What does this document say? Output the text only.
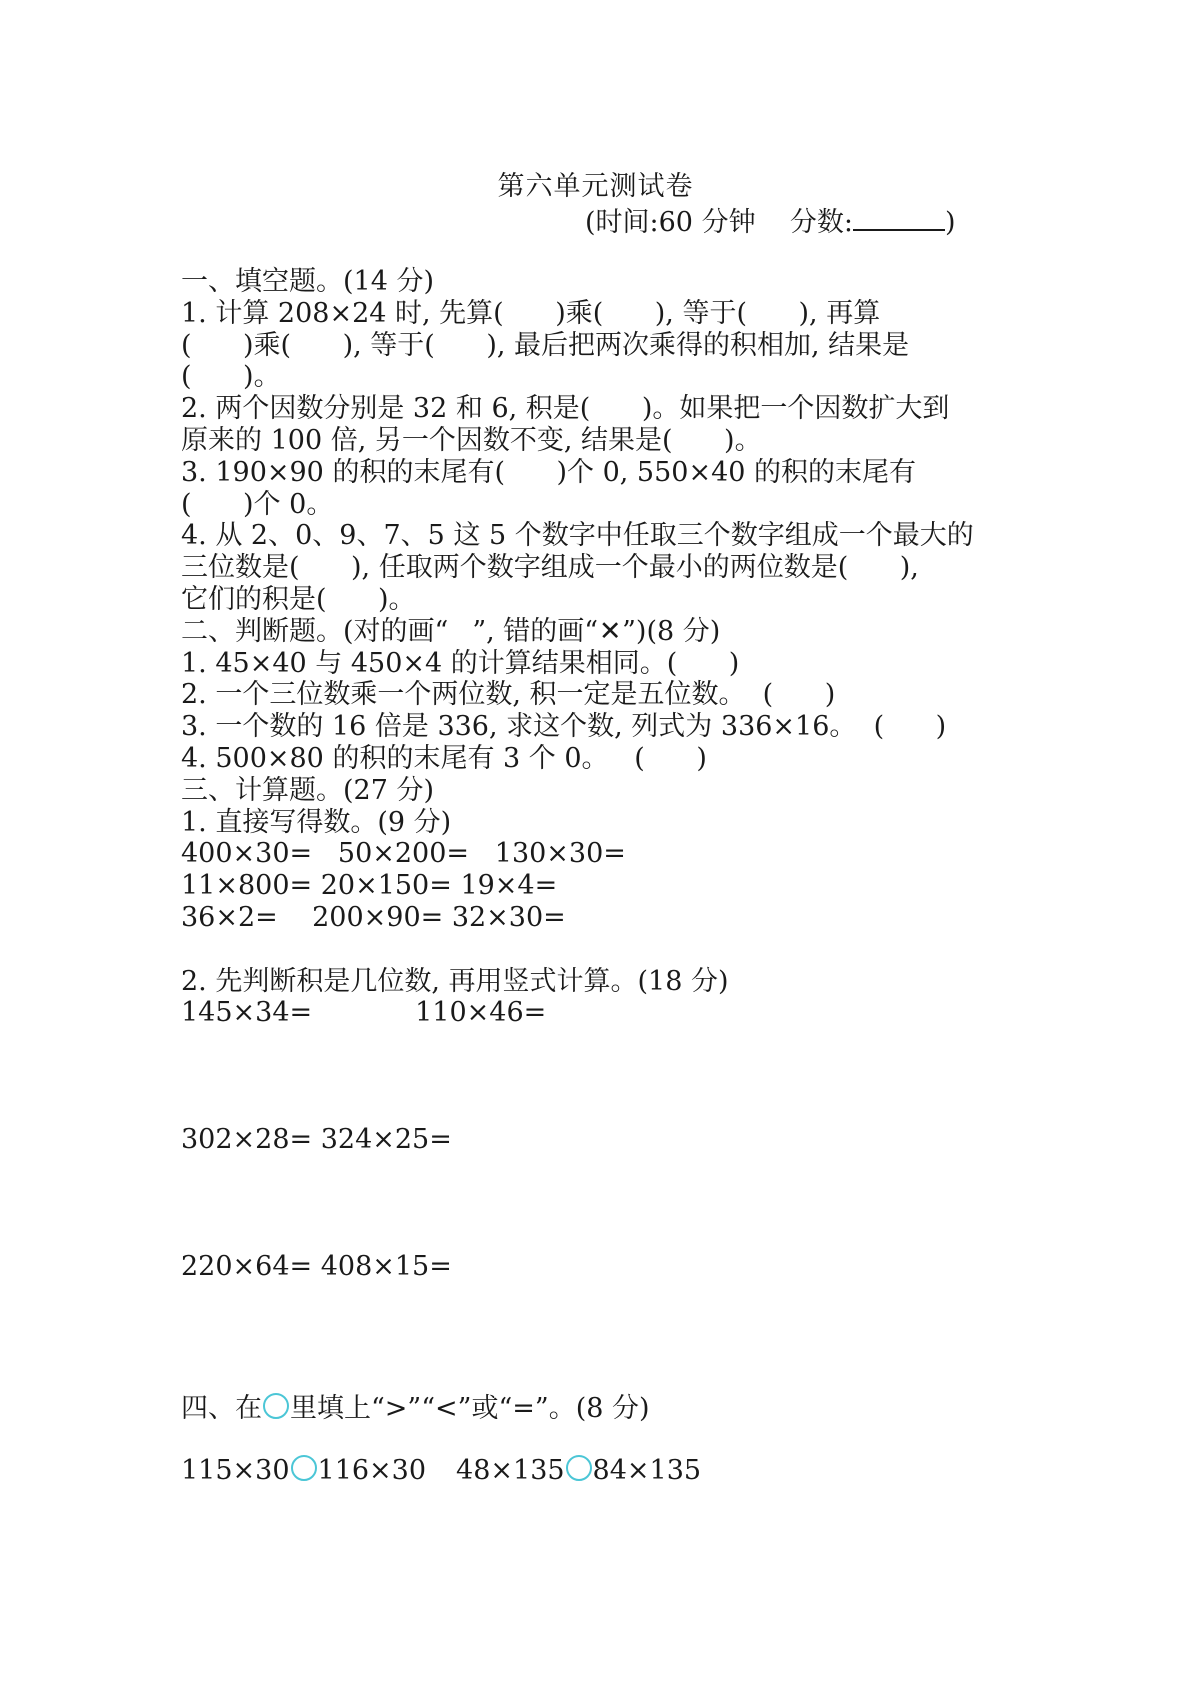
第六单元测试卷
(时间:60 分钟    分数:	)
一、填空题。(14 分)
1. 计算 208×24 时, 先算(      )乘(      ), 等于(      ), 再算
(      )乘(      ), 等于(      ), 最后把两次乘得的积相加, 结果是
(      )。
2. 两个因数分别是 32 和 6, 积是(      )。如果把一个因数扩大到
原来的 100 倍, 另一个因数不变, 结果是(      )。
3. 190×90 的积的末尾有(      )个 0, 550×40 的积的末尾有
(      )个 0。
4. 从 2、0、9、7、5 这 5 个数字中任取三个数字组成一个最大的
三位数是(      ), 任取两个数字组成一个最小的两位数是(      ),
它们的积是(      )。
二、判断题。(对的画“ ”, 错的画“✕”)(8 分)
1. 45×40 与 450×4 的计算结果相同。(      )
2. 一个三位数乘一个两位数, 积一定是五位数。  (      )
3. 一个数的 16 倍是 336, 求这个数, 列式为 336×16。  (      )
4. 500×80 的积的末尾有 3 个 0。   (      )
三、计算题。(27 分)
1. 直接写得数。(9 分)
400×30=   50×200=   130×30=
11×800= 20×150= 19×4=
36×2=    200×90= 32×30=
2. 先判断积是几位数, 再用竖式计算。(18 分)
145×34=            110×46=
302×28= 324×25=
220×64= 408×15=
四、在 里填上“>”“<”或“=”。(8 分)
115×30 116×30 48×135 84×135
